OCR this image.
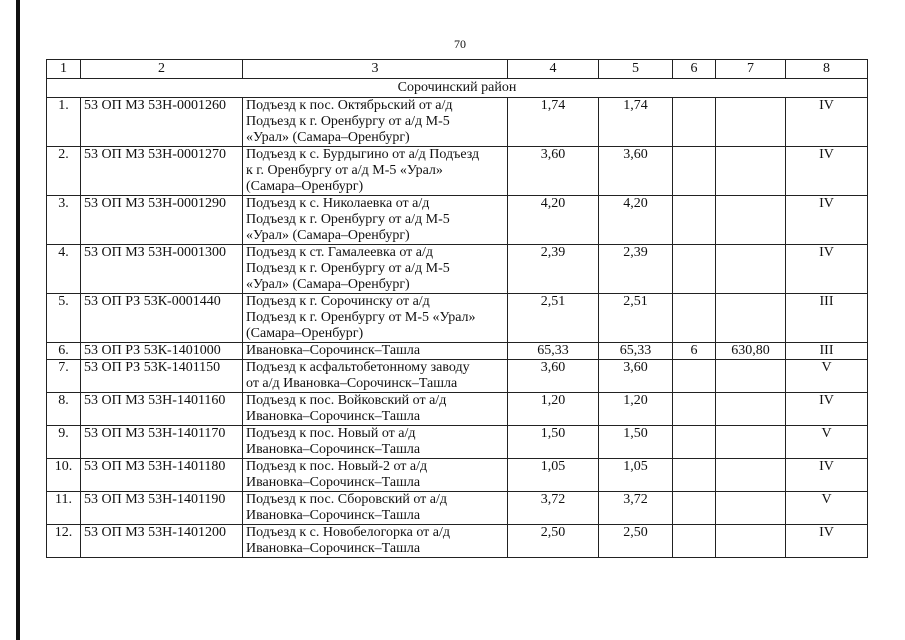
70
1	2	3	4	5	6	7	8
Сорочинский район							
1.	53 ОП МЗ 53Н-0001260	Подъезд к пос. Октябрьский от а/д
Подъезд к г. Оренбургу от а/д М-5
«Урал» (Самара–Оренбург)	1,74	1,74			IV
2.	53 ОП МЗ 53Н-0001270	Подъезд к с. Бурдыгино от а/д Подъезд
к г. Оренбургу от а/д М-5 «Урал»
(Самара–Оренбург)	3,60	3,60			IV
3.	53 ОП МЗ 53Н-0001290	Подъезд к с. Николаевка от а/д
Подъезд к г. Оренбургу от а/д М-5
«Урал» (Самара–Оренбург)	4,20	4,20			IV
4.	53 ОП МЗ 53Н-0001300	Подъезд к ст. Гамалеевка от а/д
Подъезд к г. Оренбургу от а/д М-5
«Урал» (Самара–Оренбург)	2,39	2,39			IV
5.	53 ОП РЗ 53К-0001440	Подъезд к г. Сорочинску от а/д
Подъезд к г. Оренбургу от М-5 «Урал»
(Самара–Оренбург)	2,51	2,51			III
6.	53 ОП РЗ 53К-1401000	Ивановка–Сорочинск–Ташла	65,33	65,33	6	630,80	III
7.	53 ОП РЗ 53К-1401150	Подъезд к асфальтобетонному заводу
от а/д Ивановка–Сорочинск–Ташла	3,60	3,60			V
8.	53 ОП МЗ 53Н-1401160	Подъезд к пос. Войковский от а/д
Ивановка–Сорочинск–Ташла	1,20	1,20			IV
9.	53 ОП МЗ 53Н-1401170	Подъезд к пос. Новый от а/д
Ивановка–Сорочинск–Ташла	1,50	1,50			V
10.	53 ОП МЗ 53Н-1401180	Подъезд к пос. Новый-2 от а/д
Ивановка–Сорочинск–Ташла	1,05	1,05			IV
11.	53 ОП МЗ 53Н-1401190	Подъезд к пос. Сборовский от а/д
Ивановка–Сорочинск–Ташла	3,72	3,72			V
12.	53 ОП МЗ 53Н-1401200	Подъезд к с. Новобелогорка от а/д
Ивановка–Сорочинск–Ташла	2,50	2,50			IV
